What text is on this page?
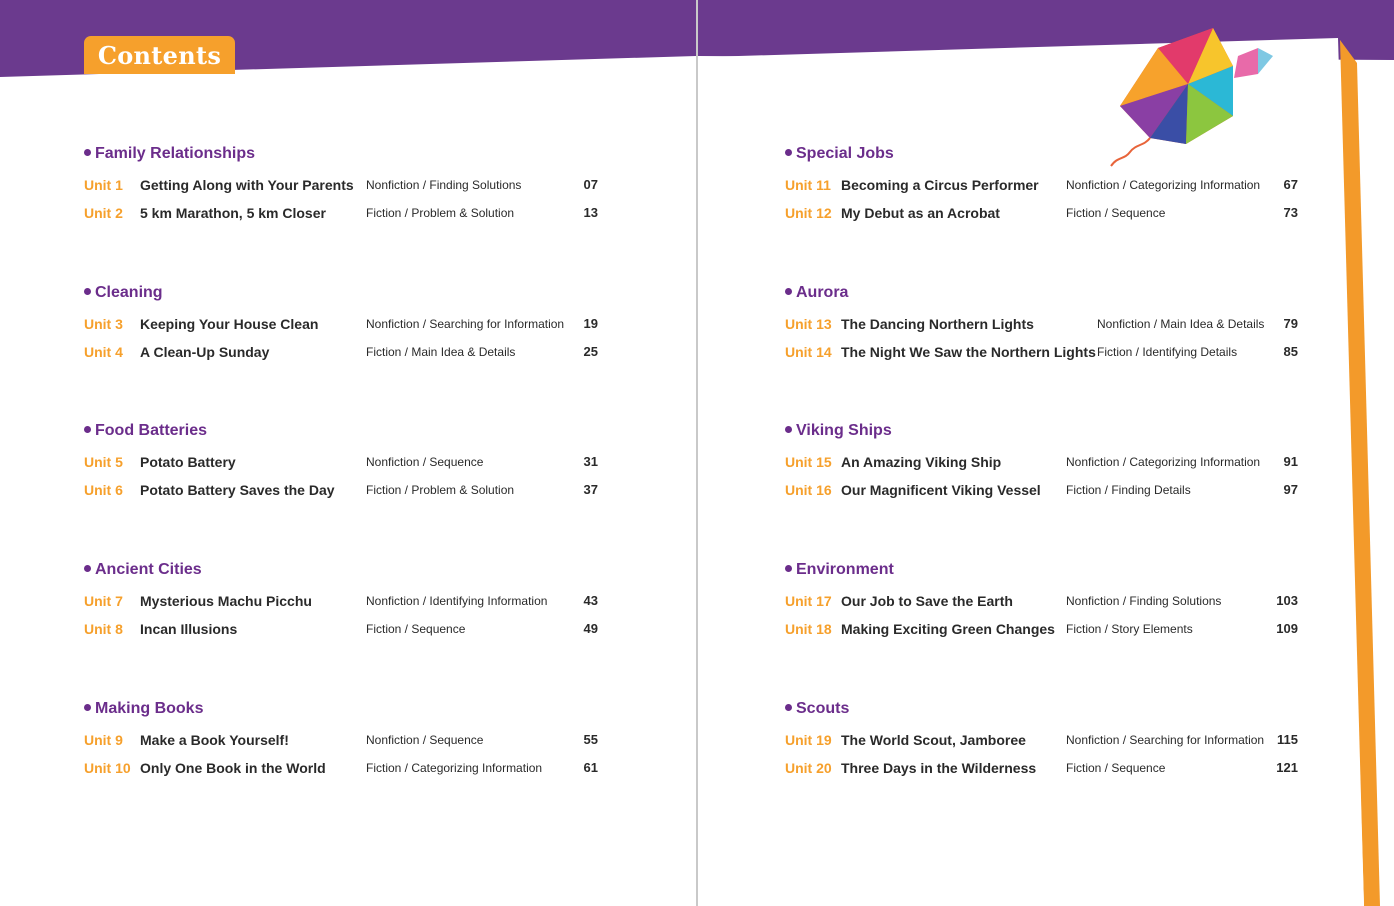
Contents
Family Relationships
Unit 1 Getting Along with Your Parents Nonfiction / Finding Solutions	07
Unit 2 5 km Marathon, 5 km Closer	Fiction / Problem & Solution	13
Cleaning
Unit 3 Keeping Your House Clean	Nonfiction / Searching for Information 19
Unit 4 A Clean-Up Sunday	Fiction / Main Idea & Details	25
Food Batteries
Unit 5 Potato Battery	Nonfiction / Sequence	31
Unit 6 Potato Battery Saves the Day	Fiction / Problem & Solution	37
Ancient Cities
Unit 7 Mysterious Machu Picchu	Nonfiction / Identifying Information	43
Unit 8 Incan Illusions	Fiction / Sequence	49
Making Books
Unit 9 Make a Book Yourself!	Nonfiction / Sequence	55
Unit 10 Only One Book in the World	Fiction / Categorizing Information	61
Special Jobs
Unit 11 Becoming a Circus Performer Nonfiction / Categorizing Information 67
Unit 12 My Debut as an Acrobat	Fiction / Sequence	73
Aurora
Unit 13 The Dancing Northern Lights	Nonfiction / Main Idea & Details 79
Unit 14 The Night We Saw the Northern Lights Fiction / Identifying Details	85
Viking Ships
Unit 15 An Amazing Viking Ship	Nonfiction / Categorizing Information 91
Unit 16 Our Magnificent Viking Vessel Fiction / Finding Details	97
Environment
Unit 17 Our Job to Save the Earth	Nonfiction / Finding Solutions	103
Unit 18 Making Exciting Green Changes Fiction / Story Elements	109
Scouts
Unit 19 The World Scout, Jamboree	Nonfiction / Searching for Information 115
Unit 20 Three Days in the Wilderness Fiction / Sequence	121
